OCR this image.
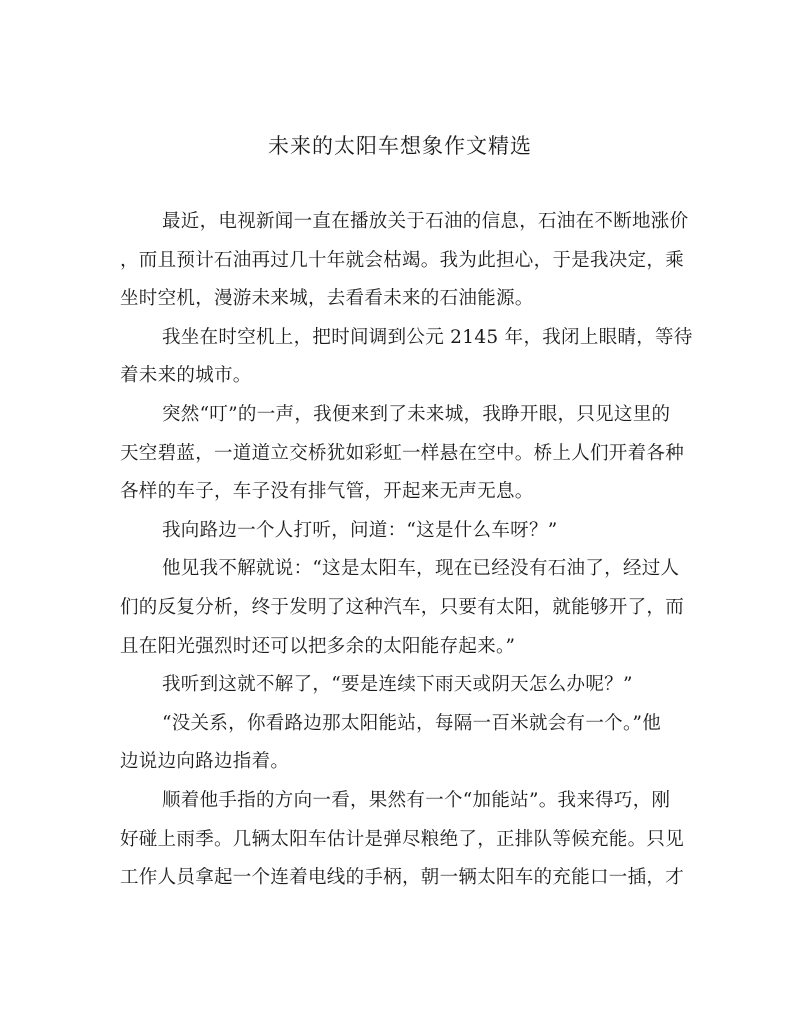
未来的太阳车想象作文精选
最近，电视新闻一直在播放关于石油的信息，石油在不断地涨价
，而且预计石油再过几十年就会枯竭。我为此担心，于是我决定，乘
坐时空机，漫游未来城，去看看未来的石油能源。
我坐在时空机上，把时间调到公元 2145 年，我闭上眼睛，等待
着未来的城市。
突然“叮”的一声，我便来到了未来城，我睁开眼，只见这里的
天空碧蓝，一道道立交桥犹如彩虹一样悬在空中。桥上人们开着各种
各样的车子，车子没有排气管，开起来无声无息。
我向路边一个人打听，问道：“这是什么车呀？”
他见我不解就说：“这是太阳车，现在已经没有石油了，经过人
们的反复分析，终于发明了这种汽车，只要有太阳，就能够开了，而
且在阳光强烈时还可以把多余的太阳能存起来。”
我听到这就不解了，“要是连续下雨天或阴天怎么办呢？”
“没关系，你看路边那太阳能站，每隔一百米就会有一个。”他
边说边向路边指着。
顺着他手指的方向一看，果然有一个“加能站”。我来得巧，刚
好碰上雨季。几辆太阳车估计是弹尽粮绝了，正排队等候充能。只见
工作人员拿起一个连着电线的手柄，朝一辆太阳车的充能口一插，才
